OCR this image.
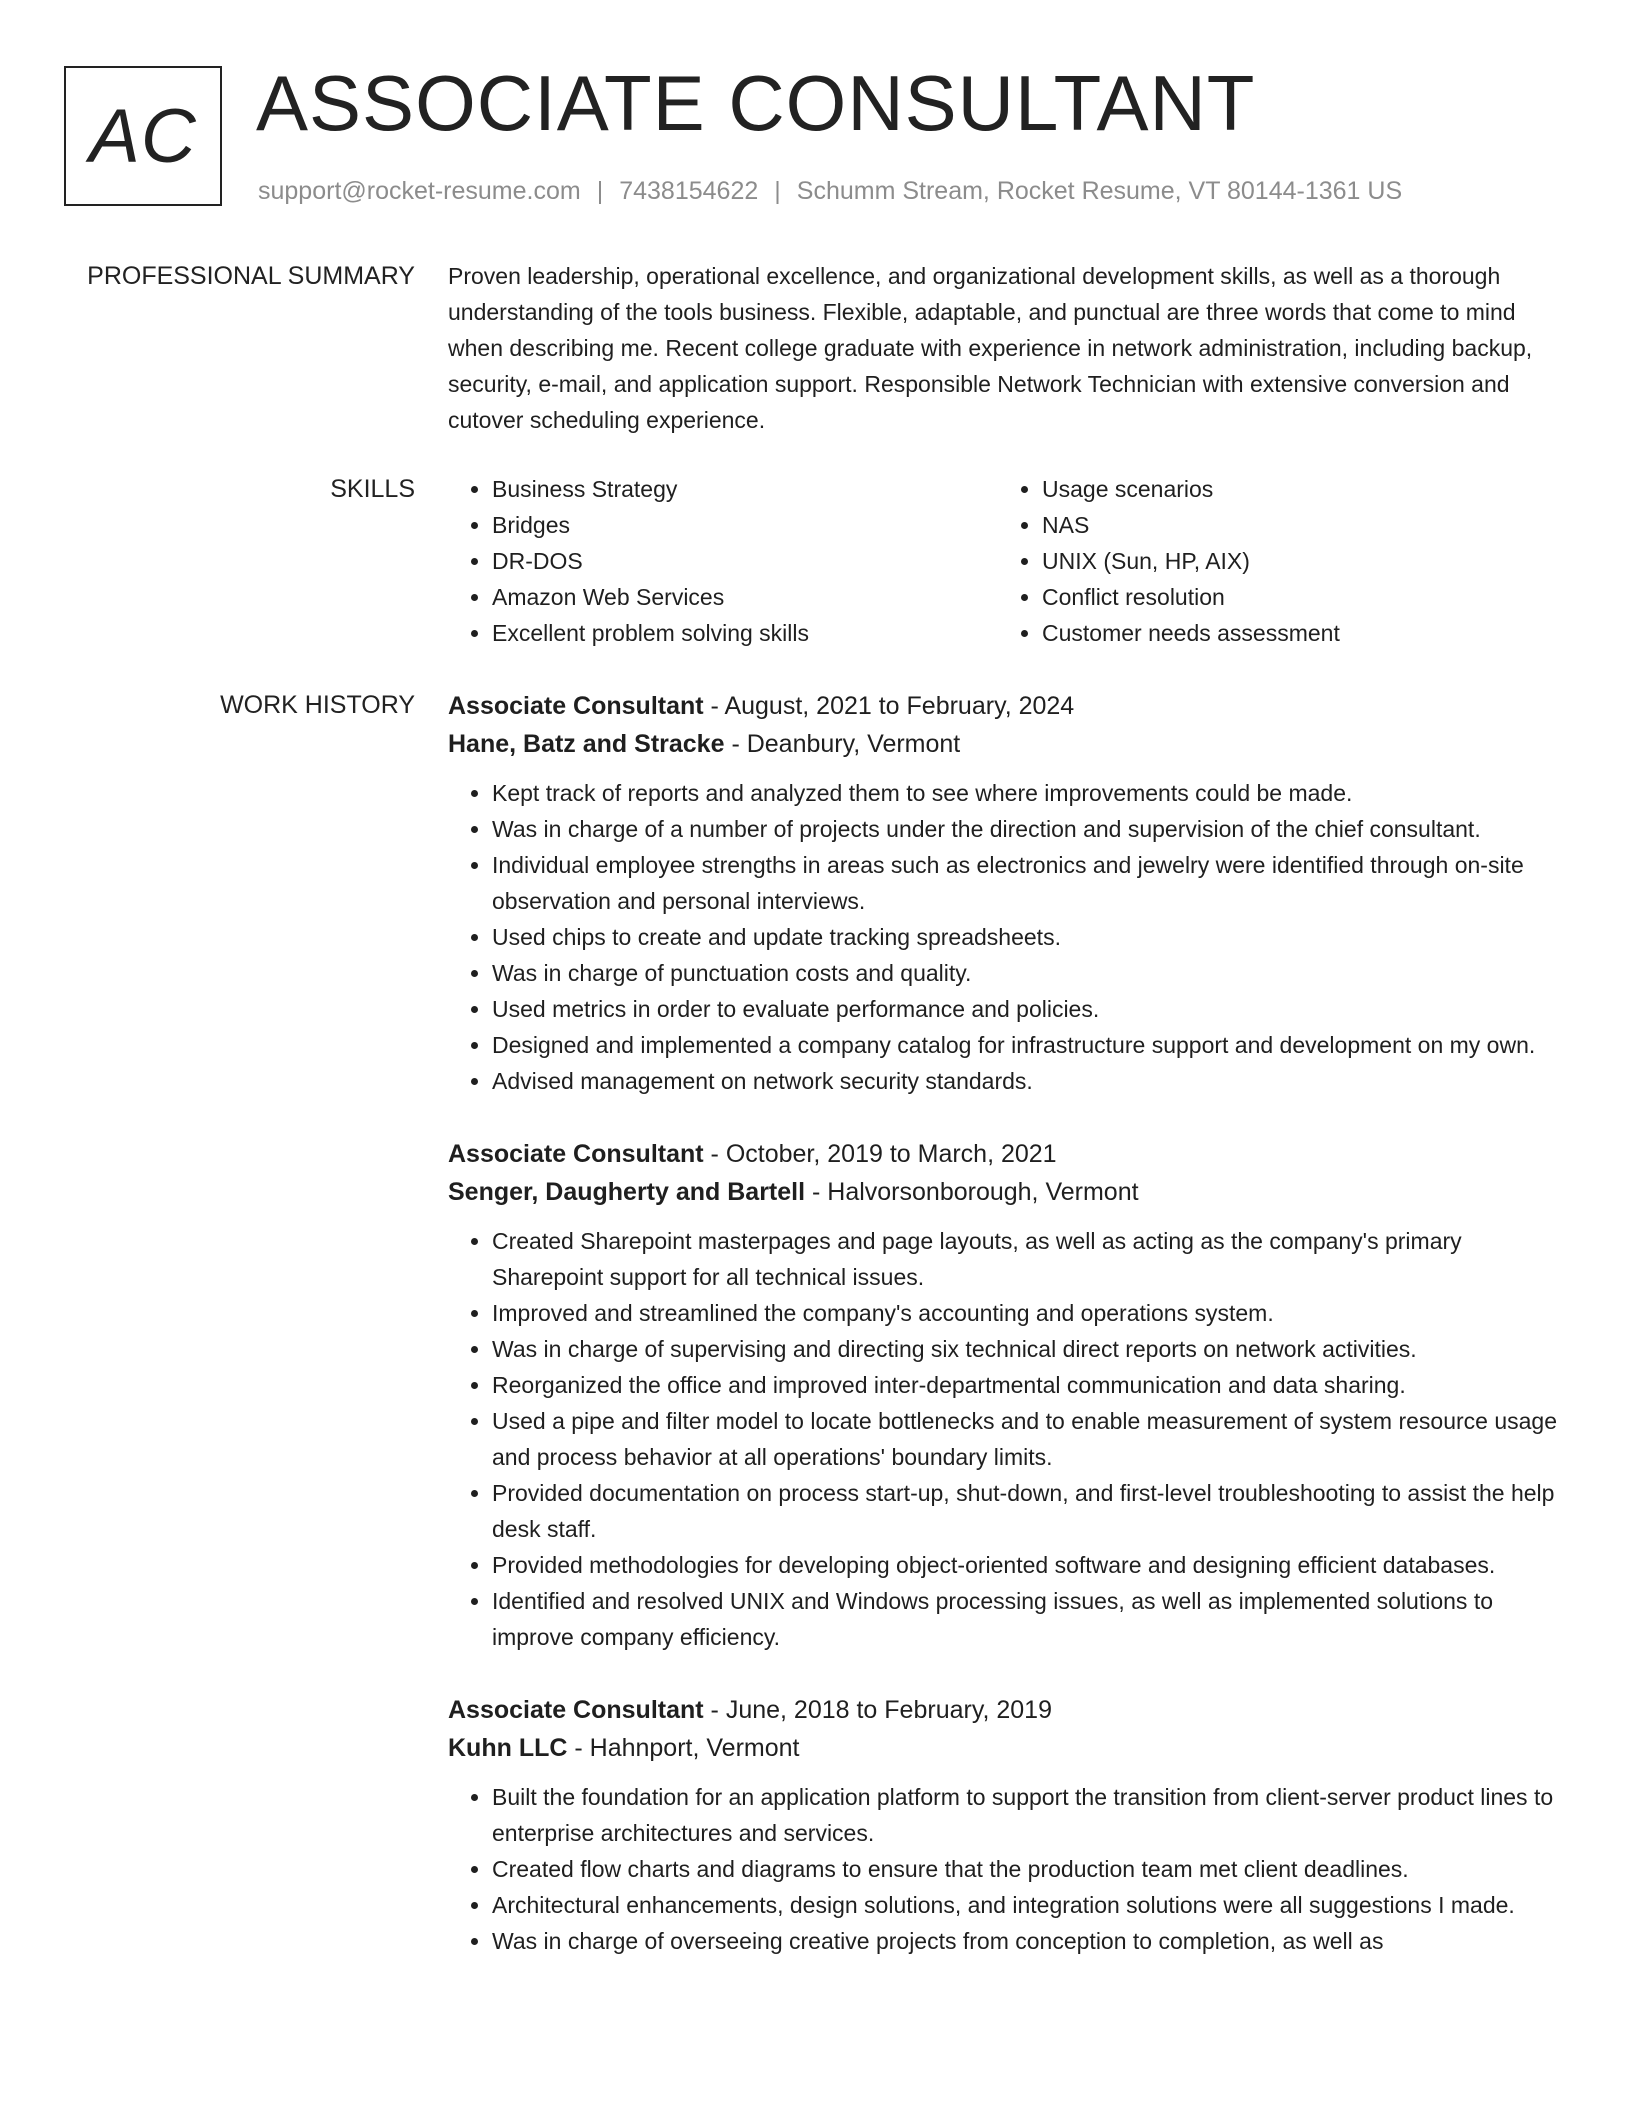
AC ASSOCIATE CONSULTANT
support@rocket-resume.com | 7438154622 | Schumm Stream, Rocket Resume, VT 80144-1361 US
PROFESSIONAL SUMMARY Proven leadership, operational excellence, and organizational development skills, as well as a thorough understanding of the tools business. Flexible, adaptable, and punctual are three words that come to mind when describing me. Recent college graduate with experience in network administration, including backup, security, e-mail, and application support. Responsible Network Technician with extensive conversion and cutover scheduling experience.

SKILLS
•	Business Strategy
• Bridges
• DR-DOS
• Amazon Web Services
• Excellent problem solving skills
• Usage scenarios
• NAS
• UNIX (Sun, HP, AIX)
• Conflict resolution
• Customer needs assessment
WORK HISTORY Associate Consultant - August, 2021 to February, 2024
Hane, Batz and Stracke - Deanbury, Vermont
• Kept track of reports and analyzed them to see where improvements could be made.
• Was in charge of a number of projects under the direction and supervision of the chief consultant.
• Individual employee strengths in areas such as electronics and jewelry were identified through on-site observation and personal interviews.
• Used chips to create and update tracking spreadsheets.
• Was in charge of punctuation costs and quality.
• Used metrics in order to evaluate performance and policies.
• Designed and implemented a company catalog for infrastructure support and development on my own.
• Advised management on network security standards.
Associate Consultant - October, 2019 to March, 2021
Senger, Daugherty and Bartell - Halvorsonborough, Vermont
• Created Sharepoint masterpages and page layouts, as well as acting as the company's primary Sharepoint support for all technical issues.
• Improved and streamlined the company's accounting and operations system.
• Was in charge of supervising and directing six technical direct reports on network activities.
• Reorganized the office and improved inter-departmental communication and data sharing.
• Used a pipe and filter model to locate bottlenecks and to enable measurement of system resource usage and process behavior at all operations' boundary limits.
• Provided documentation on process start-up, shut-down, and first-level troubleshooting to assist the help desk staff.
• Provided methodologies for developing object-oriented software and designing efficient databases.
• Identified and resolved UNIX and Windows processing issues, as well as implemented solutions to improve company efficiency.
Associate Consultant - June, 2018 to February, 2019
Kuhn LLC - Hahnport, Vermont
• Built the foundation for an application platform to support the transition from client-server product lines to enterprise architectures and services.
• Created flow charts and diagrams to ensure that the production team met client deadlines.
• Architectural enhancements, design solutions, and integration solutions were all suggestions I made.
• Was in charge of overseeing creative projects from conception to completion, as well as
